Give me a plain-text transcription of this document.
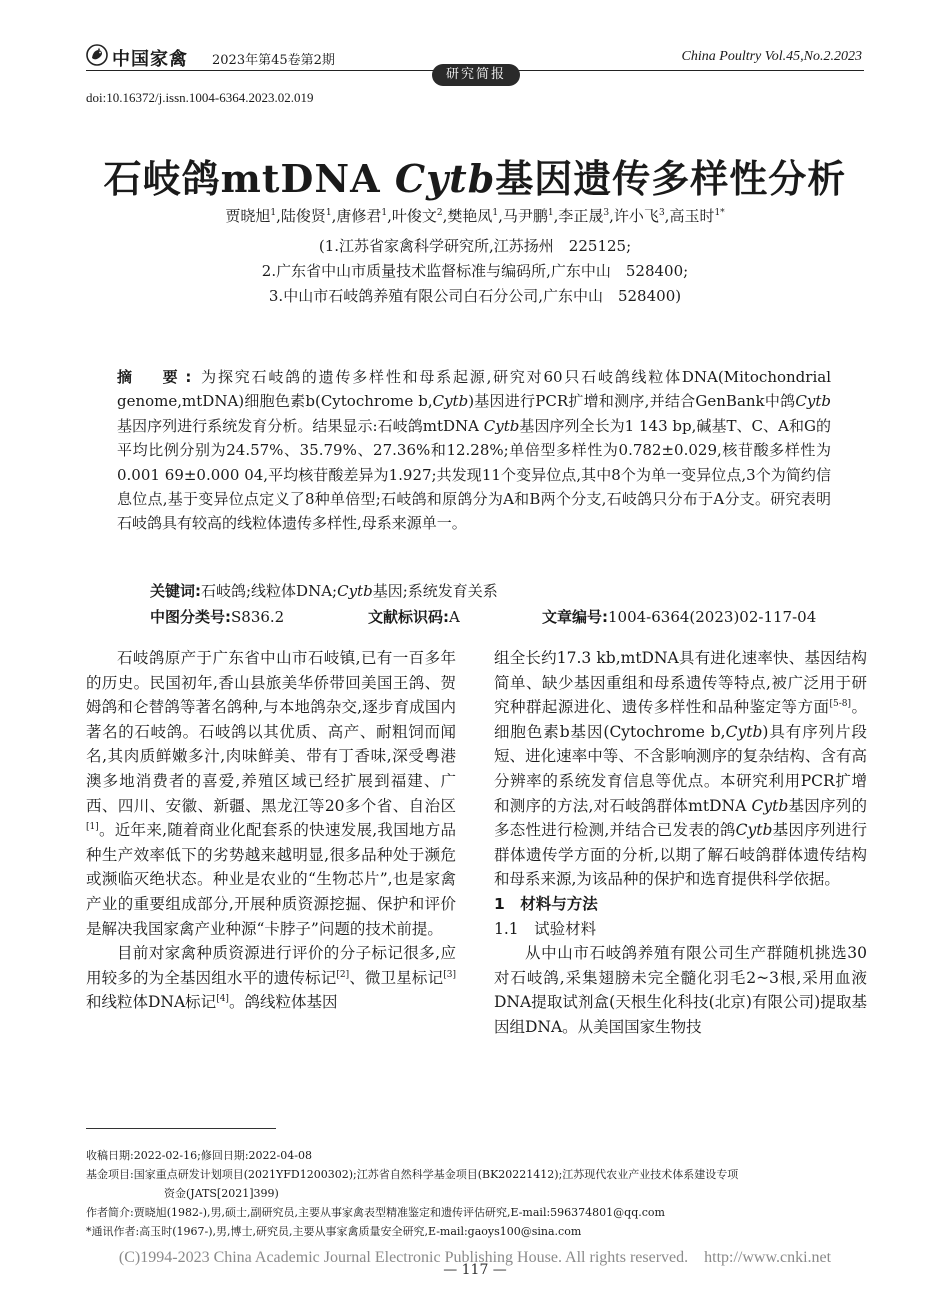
中国家禽 2023年第45卷第2期	China Poultry Vol.45,No.2.2023
研究简报
doi:10.16372/j.issn.1004-6364.2023.02.019
石岐鸽mtDNA Cytb基因遗传多样性分析
贾晓旭$^1$,陆俊贤$^1$,唐修君$^1$,叶俊文$^2$,樊艳凤$^1$,马尹鹏$^1$,李正晟$^3$,许小飞$^3$,高玉时$^{1*}$
(1.江苏省家禽科学研究所,江苏扬州　225125;
2.广东省中山市质量技术监督标准与编码所,广东中山　528400;
3.中山市石岐鸽养殖有限公司白石分公司,广东中山　528400)
摘　要: 为探究石岐鸽的遗传多样性和母系起源,研究对60只石岐鸽线粒体DNA(Mitochondrial genome,mtDNA)细胞色素b(Cytochrome b,Cytb)基因进行PCR扩增和测序,并结合GenBank中鸽Cytb基因序列进行系统发育分析。结果显示:石岐鸽mtDNA Cytb基因序列全长为1 143 bp,碱基T、C、A和G的平均比例分别为24.57%、35.79%、27.36%和12.28%;单倍型多样性为0.782±0.029,核苷酸多样性为0.001 69±0.000 04,平均核苷酸差异为1.927;共发现11个变异位点,其中8个为单一变异位点,3个为简约信息位点,基于变异位点定义了8种单倍型;石岐鸽和原鸽分为A和B两个分支,石岐鸽只分布于A分支。研究表明石岐鸽具有较高的线粒体遗传多样性,母系来源单一。
关键词:石岐鸽;线粒体DNA;Cytb基因;系统发育关系
中图分类号:S836.2	文献标识码:A	文章编号:1004-6364(2023)02-117-04

石岐鸽原产于广东省中山市石岐镇,已有一百多年的历史。民国初年,香山县旅美华侨带回美国王鸽、贺姆鸽和仑替鸽等著名鸽种,与本地鸽杂交,逐步育成国内著名的石岐鸽。石岐鸽以其优质、高产、耐粗饲而闻名,其肉质鲜嫩多汁,肉味鲜美、带有丁香味,深受粤港澳多地消费者的喜爱,养殖区域已经扩展到福建、广西、四川、安徽、新疆、黑龙江等20多个省、自治区[1]。近年来,随着商业化配套系的快速发展,我国地方品种生产效率低下的劣势越来越明显,很多品种处于濒危或濒临灭绝状态。种业是农业的“生物芯片”,也是家禽产业的重要组成部分,开展种质资源挖掘、保护和评价是解决我国家禽产业种源“卡脖子”问题的技术前提。

目前对家禽种质资源进行评价的分子标记很多,应用较多的为全基因组水平的遗传标记[2]、微卫星标记[3]和线粒体DNA标记[4]。鸽线粒体基因

组全长约17.3 kb,mtDNA具有进化速率快、基因结构简单、缺少基因重组和母系遗传等特点,被广泛用于研究种群起源进化、遗传多样性和品种鉴定等方面[5-8]。细胞色素b基因(Cytochrome b,Cytb)具有序列片段短、进化速率中等、不含影响测序的复杂结构、含有高分辨率的系统发育信息等优点。本研究利用PCR扩增和测序的方法,对石岐鸽群体mtDNA Cytb基因序列的多态性进行检测,并结合已发表的鸽Cytb基因序列进行群体遗传学方面的分析,以期了解石岐鸽群体遗传结构和母系来源,为该品种的保护和选育提供科学依据。

1　材料与方法

1.1　试验材料

从中山市石岐鸽养殖有限公司生产群随机挑选30对石岐鸽,采集翅膀未完全髓化羽毛2~3根,采用血液DNA提取试剂盒(天根生化科技(北京)有限公司)提取基因组DNA。从美国国家生物技

收稿日期:2022-02-16;修回日期:2022-04-08
基金项目:国家重点研发计划项目(2021YFD1200302);江苏省自然科学基金项目(BK20221412);江苏现代农业产业技术体系建设专项
资金(JATS[2021]399)
作者简介:贾晓旭(1982-),男,硕士,副研究员,主要从事家禽表型精准鉴定和遗传评估研究,E-mail:596374801@qq.com
*通讯作者:高玉时(1967-),男,博士,研究员,主要从事家禽质量安全研究,E-mail:gaoys100@sina.com
(C)1994-2023 China Academic Journal Electronic Publishing House. All rights reserved.　http://www.cnki.net
— 117 —
